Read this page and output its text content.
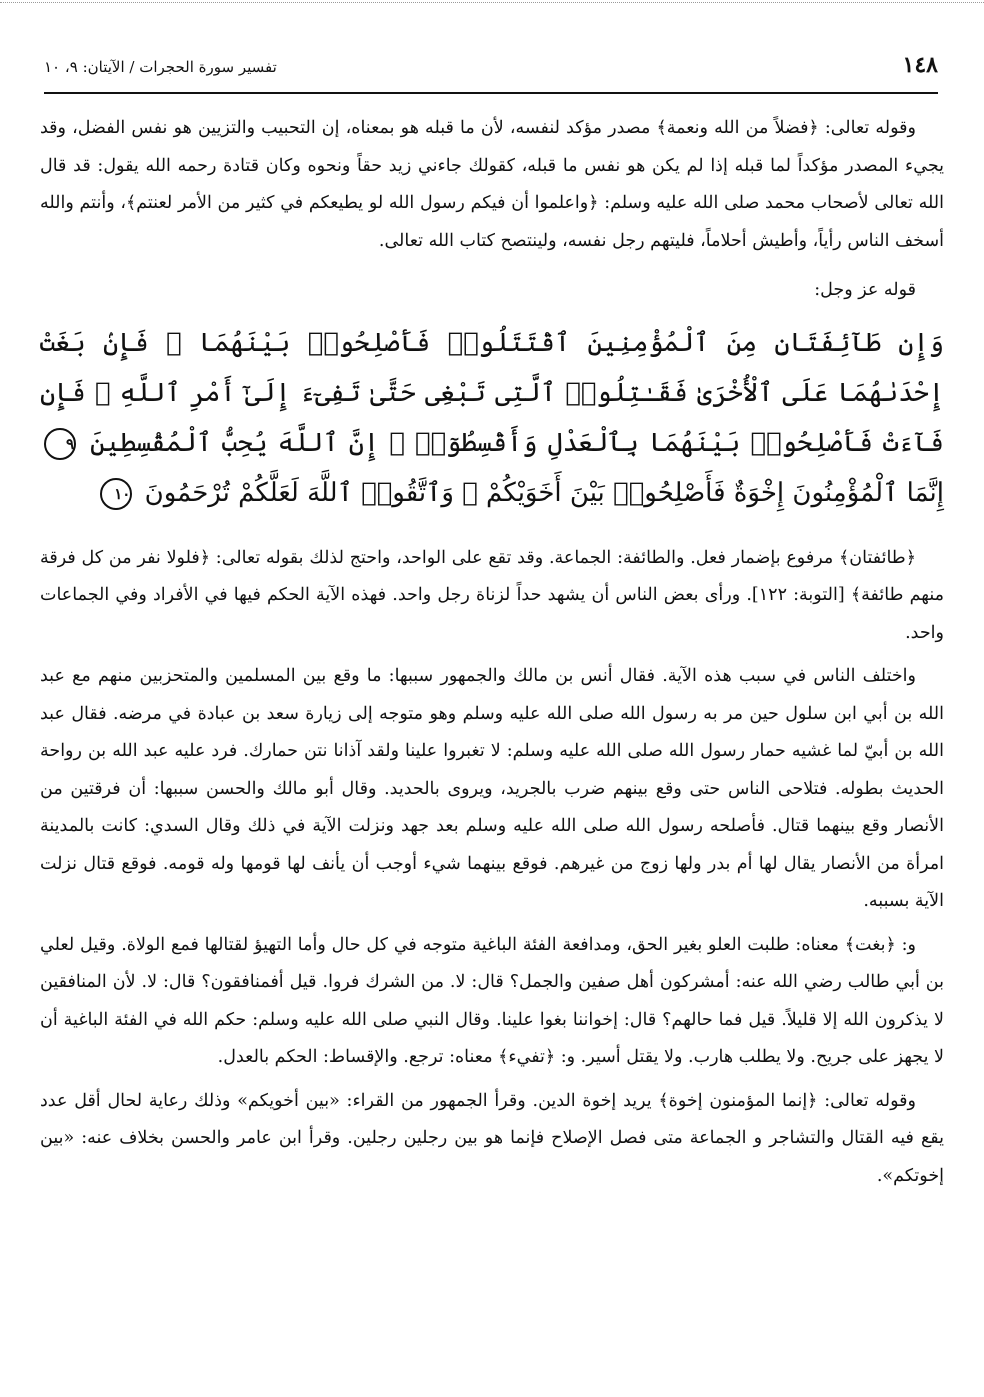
١٤٨
تفسير سورة الحجرات / الآيتان: ٩، ١٠

وقوله تعالى: ﴿فضلاً من الله ونعمة﴾ مصدر مؤكد لنفسه، لأن ما قبله هو بمعناه، إن التحبيب والتزيين هو نفس الفضل، وقد يجيء المصدر مؤكداً لما قبله إذا لم يكن هو نفس ما قبله، كقولك جاءني زيد حقاً ونحوه وكان قتادة رحمه الله يقول: قد قال الله تعالى لأصحاب محمد صلى الله عليه وسلم: ﴿واعلموا أن فيكم رسول الله لو يطيعكم في كثير من الأمر لعنتم﴾، وأنتم والله أسخف الناس رأياً، وأطيش أحلاماً، فليتهم رجل نفسه، ولينتصح كتاب الله تعالى.

قوله عز وجل:

وَإِن طَآئِفَتَانِ مِنَ ٱلْمُؤْمِنِينَ ٱقْتَتَلُوا۟ فَأَصْلِحُوا۟ بَيْنَهُمَا ۖ فَإِنۢ بَغَتْ إِحْدَىٰهُمَا عَلَى ٱلْأُخْرَىٰ فَقَـٰتِلُوا۟ ٱلَّتِى تَبْغِى حَتَّىٰ تَفِىٓءَ إِلَىٰٓ أَمْرِ ٱللَّهِ ۚ فَإِن فَآءَتْ فَأَصْلِحُوا۟ بَيْنَهُمَا بِٱلْعَدْلِ وَأَقْسِطُوٓا۟ ۖ إِنَّ ٱللَّهَ يُحِبُّ ٱلْمُقْسِطِينَ ٩ إِنَّمَا ٱلْمُؤْمِنُونَ إِخْوَةٌ فَأَصْلِحُوا۟ بَيْنَ أَخَوَيْكُمْ ۚ وَٱتَّقُوا۟ ٱللَّهَ لَعَلَّكُمْ تُرْحَمُونَ ١٠

﴿طائفتان﴾ مرفوع بإضمار فعل. والطائفة: الجماعة. وقد تقع على الواحد، واحتج لذلك بقوله تعالى: ﴿فلولا نفر من كل فرقة منهم طائفة﴾ [التوبة: ١٢٢]. ورأى بعض الناس أن يشهد حداً لزناة رجل واحد. فهذه الآية الحكم فيها في الأفراد وفي الجماعات واحد.

واختلف الناس في سبب هذه الآية. فقال أنس بن مالك والجمهور سببها: ما وقع بين المسلمين والمتحزبين منهم مع عبد الله بن أبي ابن سلول حين مر به رسول الله صلى الله عليه وسلم وهو متوجه إلى زيارة سعد بن عبادة في مرضه. فقال عبد الله بن أبيّ لما غشيه حمار رسول الله صلى الله عليه وسلم: لا تغبروا علينا ولقد آذانا نتن حمارك. فرد عليه عبد الله بن رواحة الحديث بطوله. فتلاحى الناس حتى وقع بينهم ضرب بالجريد، ويروى بالحديد. وقال أبو مالك والحسن سببها: أن فرقتين من الأنصار وقع بينهما قتال. فأصلحه رسول الله صلى الله عليه وسلم بعد جهد ونزلت الآية في ذلك وقال السدي: كانت بالمدينة امرأة من الأنصار يقال لها أم بدر ولها زوج من غيرهم. فوقع بينهما شيء أوجب أن يأنف لها قومها وله قومه. فوقع قتال نزلت الآية بسببه.

و: ﴿بغت﴾ معناه: طلبت العلو بغير الحق، ومدافعة الفئة الباغية متوجه في كل حال وأما التهيؤ لقتالها فمع الولاة. وقيل لعلي بن أبي طالب رضي الله عنه: أمشركون أهل صفين والجمل؟ قال: لا. من الشرك فروا. قيل أفمنافقون؟ قال: لا. لأن المنافقين لا يذكرون الله إلا قليلاً. قيل فما حالهم؟ قال: إخواننا بغوا علينا. وقال النبي صلى الله عليه وسلم: حكم الله في الفئة الباغية أن لا يجهز على جريح. ولا يطلب هارب. ولا يقتل أسير. و: ﴿تفيء﴾ معناه: ترجع. والإقساط: الحكم بالعدل.

وقوله تعالى: ﴿إنما المؤمنون إخوة﴾ يريد إخوة الدين. وقرأ الجمهور من القراء: «بين أخويكم» وذلك رعاية لحال أقل عدد يقع فيه القتال والتشاجر و الجماعة متى فصل الإصلاح فإنما هو بين رجلين رجلين. وقرأ ابن عامر والحسن بخلاف عنه: «بين إخوتكم».
